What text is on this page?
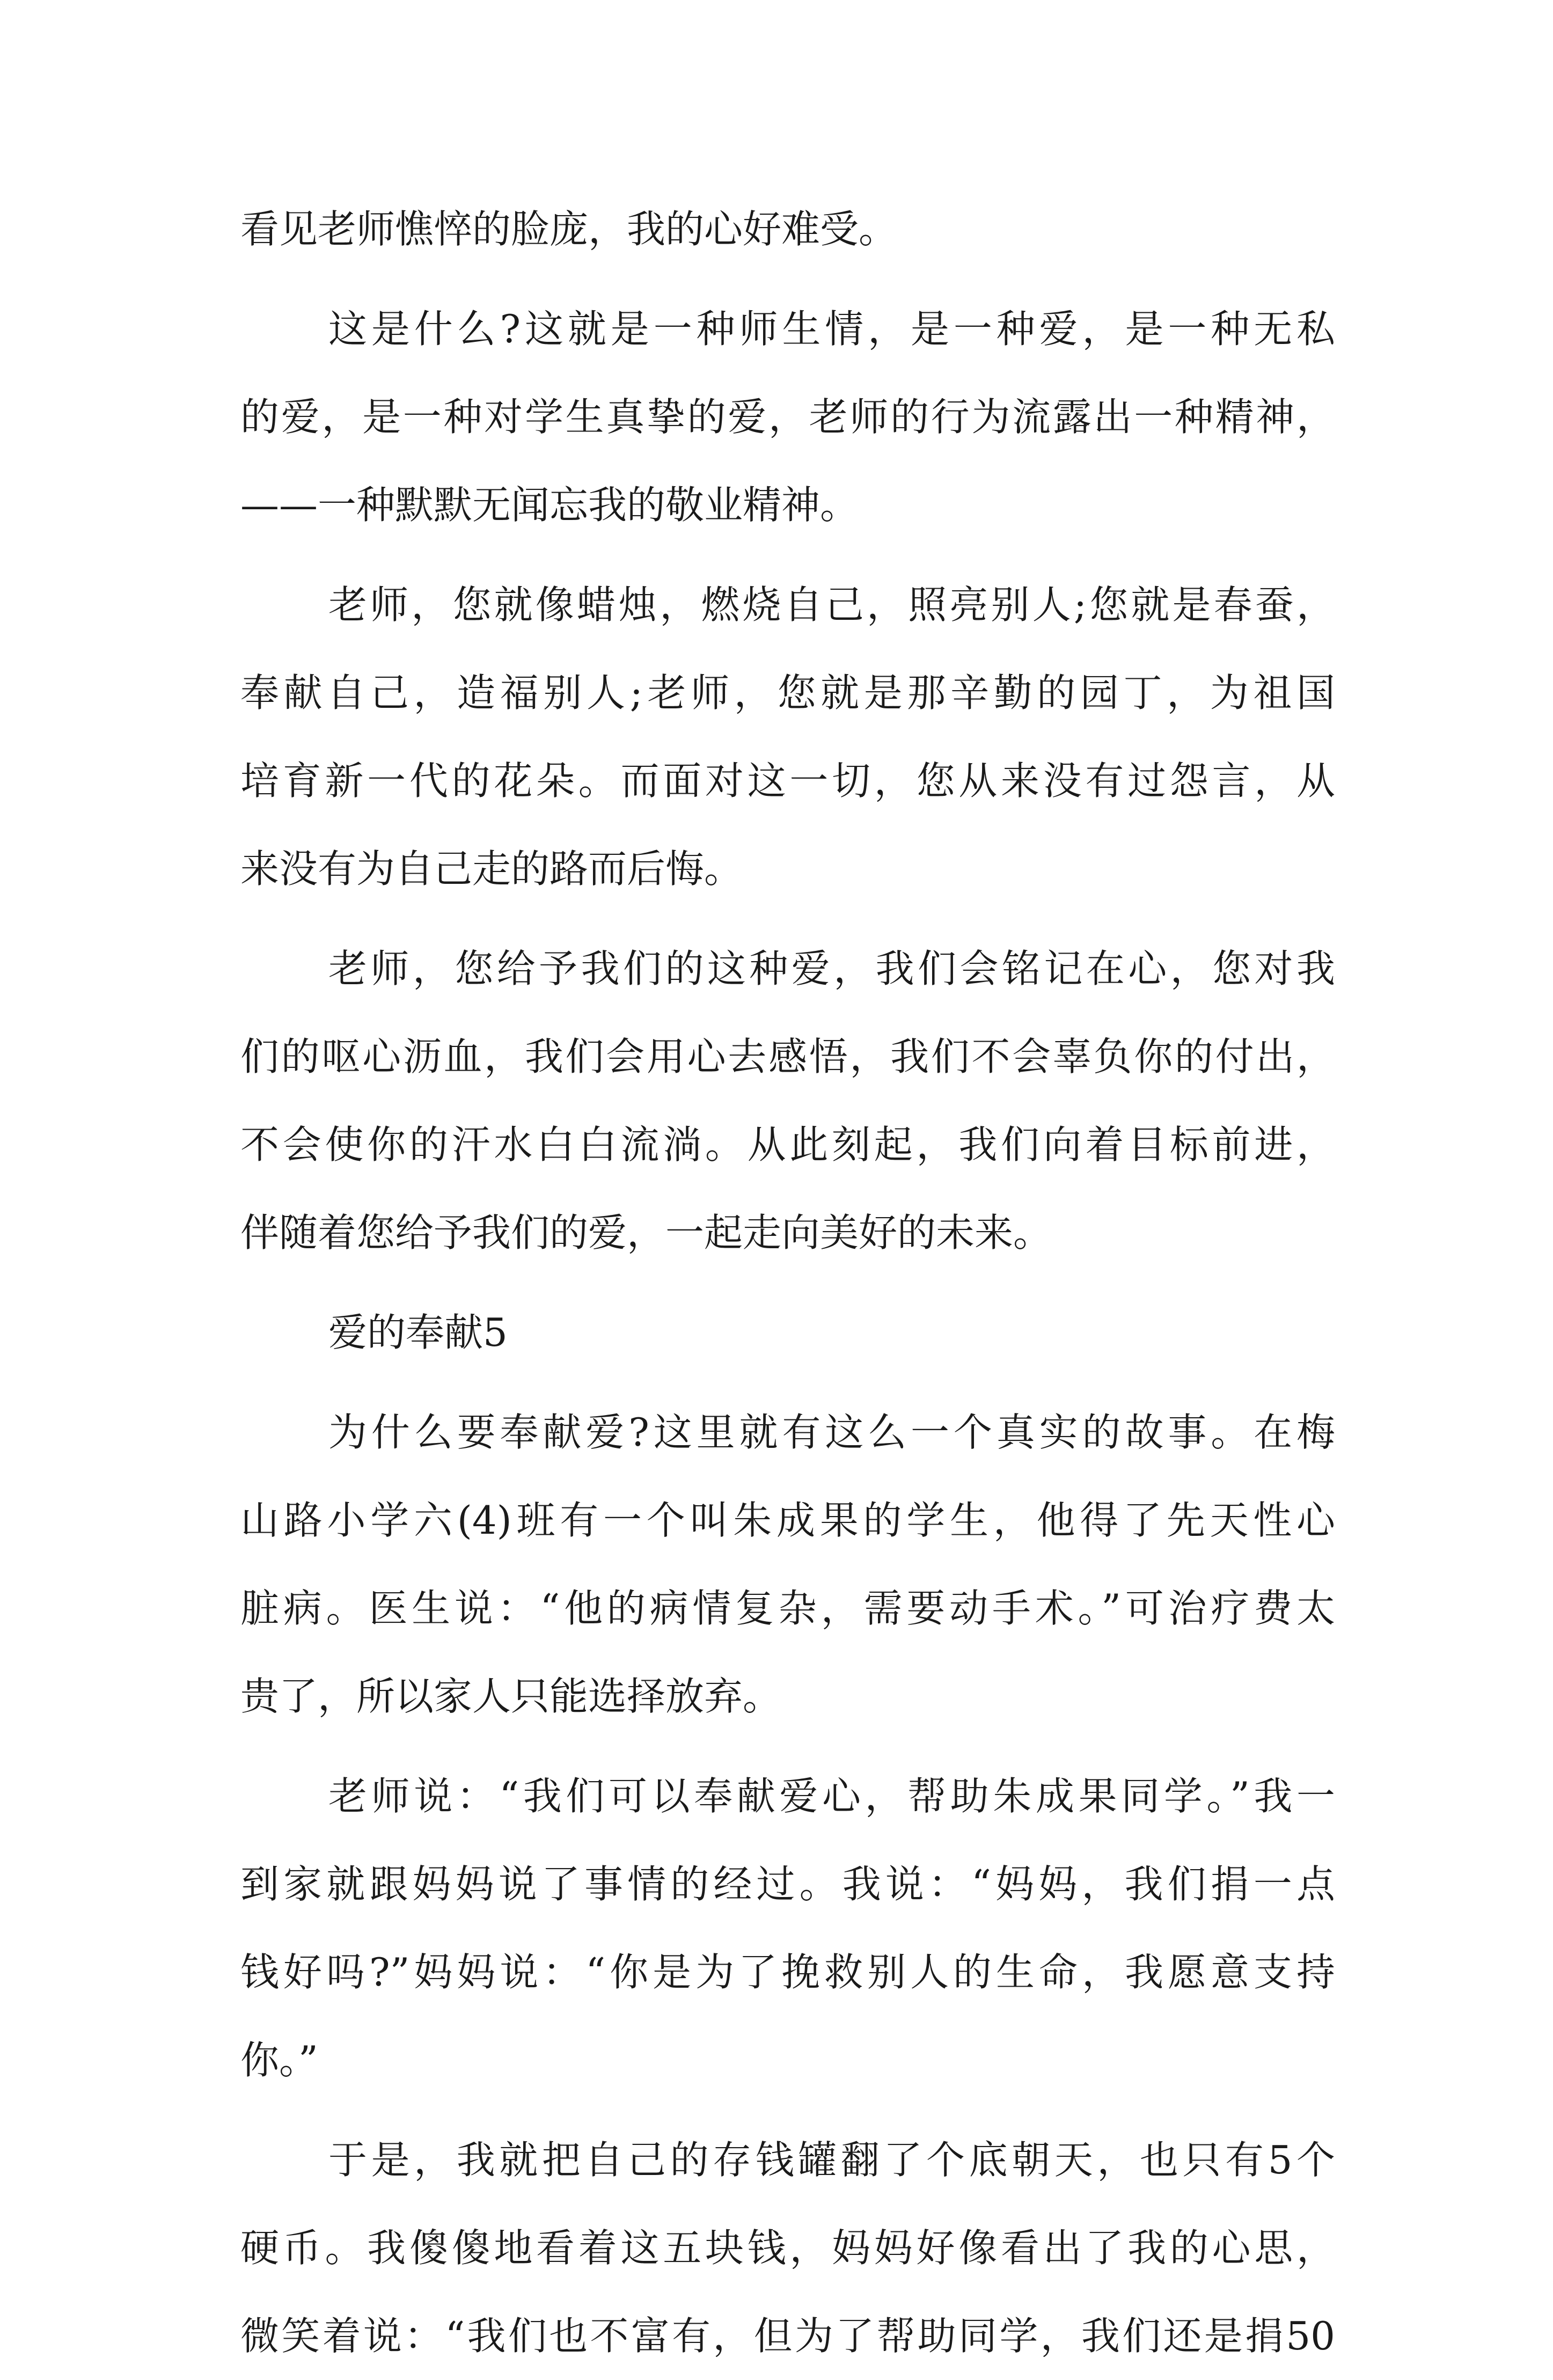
看见老师憔悴的脸庞，我的心好难受。
这是什么?这就是一种师生情，是一种爱，是一种无私
的爱，是一种对学生真挚的爱，老师的行为流露出一种精神，
——一种默默无闻忘我的敬业精神。
老师，您就像蜡烛，燃烧自己，照亮别人;您就是春蚕，
奉献自己，造福别人;老师，您就是那辛勤的园丁，为祖国
培育新一代的花朵。而面对这一切，您从来没有过怨言，从
来没有为自己走的路而后悔。
老师，您给予我们的这种爱，我们会铭记在心，您对我
们的呕心沥血，我们会用心去感悟，我们不会辜负你的付出，
不会使你的汗水白白流淌。从此刻起，我们向着目标前进，
伴随着您给予我们的爱，一起走向美好的未来。
爱的奉献5
为什么要奉献爱?这里就有这么一个真实的故事。在梅
山路小学六(4)班有一个叫朱成果的学生，他得了先天性心
脏病。医生说：“他的病情复杂，需要动手术。”可治疗费太
贵了，所以家人只能选择放弃。
老师说：“我们可以奉献爱心，帮助朱成果同学。”我一
到家就跟妈妈说了事情的经过。我说：“妈妈，我们捐一点
钱好吗?”妈妈说：“你是为了挽救别人的生命，我愿意支持
你。”
于是，我就把自己的存钱罐翻了个底朝天，也只有5个
硬币。我傻傻地看着这五块钱，妈妈好像看出了我的心思，
微笑着说：“我们也不富有，但为了帮助同学，我们还是捐50
